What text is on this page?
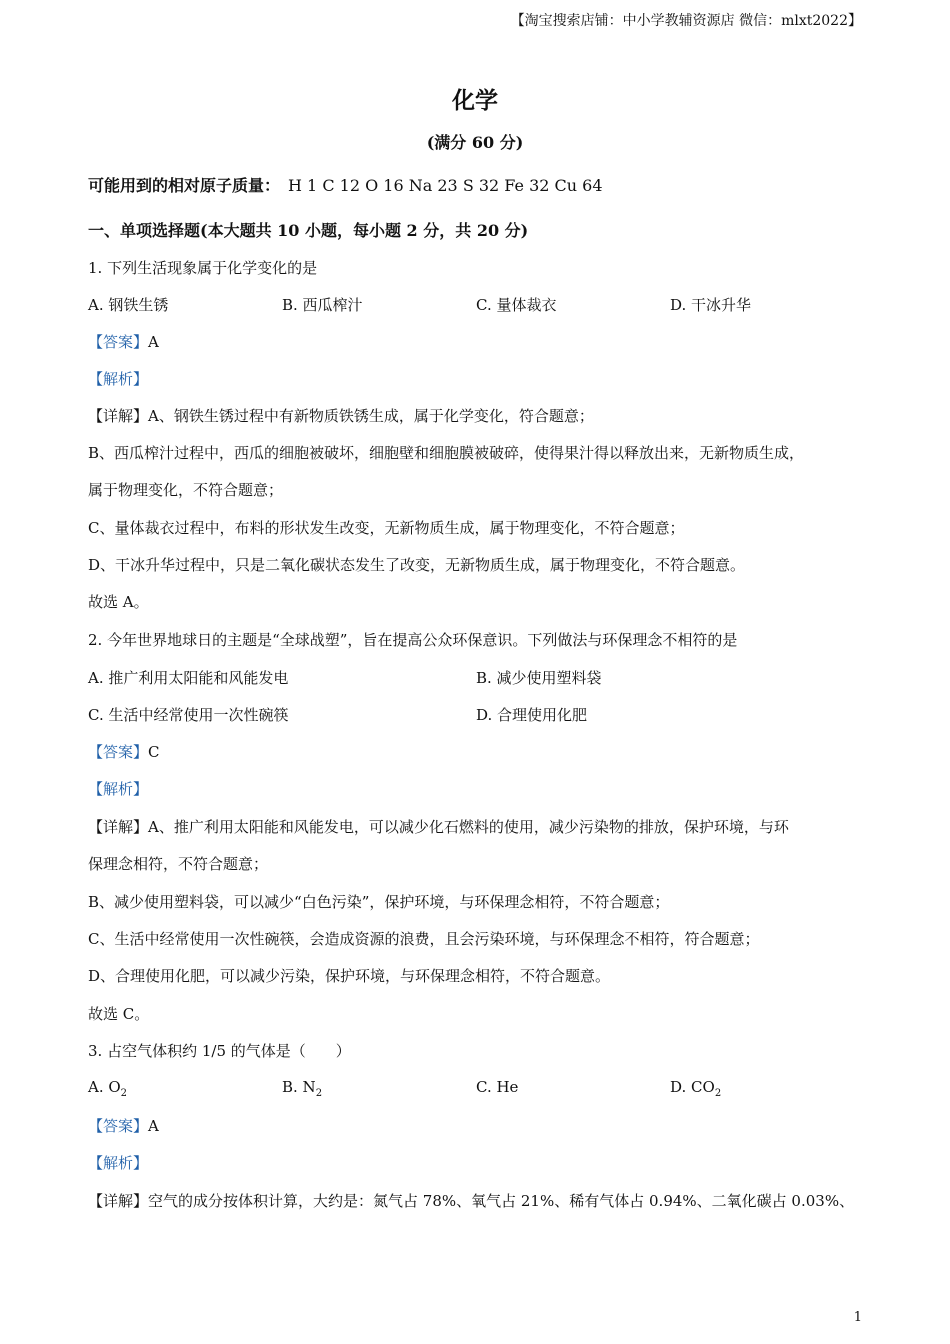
【淘宝搜索店铺：中小学教辅资源店 微信：mlxt2022】
化学
(满分 60 分)
可能用到的相对原子质量： H 1 C 12 O 16 Na 23 S 32 Fe 32 Cu 64
一、单项选择题(本大题共 10 小题，每小题 2 分，共 20 分)
1. 下列生活现象属于化学变化的是
A. 钢铁生锈	B. 西瓜榨汁	C. 量体裁衣	D. 干冰升华
【答案】A
【解析】
【详解】A、钢铁生锈过程中有新物质铁锈生成，属于化学变化，符合题意；
B、西瓜榨汁过程中，西瓜的细胞被破坏，细胞壁和细胞膜被破碎，使得果汁得以释放出来，无新物质生成，
属于物理变化，不符合题意；
C、量体裁衣过程中，布料的形状发生改变，无新物质生成，属于物理变化，不符合题意；
D、干冰升华过程中，只是二氧化碳状态发生了改变，无新物质生成，属于物理变化，不符合题意。
故选 A。
2. 今年世界地球日的主题是“全球战塑”，旨在提高公众环保意识。下列做法与环保理念不相符的是
A. 推广利用太阳能和风能发电	B. 减少使用塑料袋
C. 生活中经常使用一次性碗筷	D. 合理使用化肥
【答案】C
【解析】
【详解】A、推广利用太阳能和风能发电，可以减少化石燃料的使用，减少污染物的排放，保护环境，与环
保理念相符，不符合题意；
B、减少使用塑料袋，可以减少“白色污染”，保护环境，与环保理念相符，不符合题意；
C、生活中经常使用一次性碗筷，会造成资源的浪费，且会污染环境，与环保理念不相符，符合题意；
D、合理使用化肥，可以减少污染，保护环境，与环保理念相符，不符合题意。
故选 C。
3. 占空气体积约 1/5 的气体是（　　）
A. $O_2$	B. $N_2$	C. He	D. $CO_2$
【答案】A
【解析】
【详解】空气的成分按体积计算，大约是：氮气占 78%、氧气占 21%、稀有气体占 0.94%、二氧化碳占 0.03%、
1
